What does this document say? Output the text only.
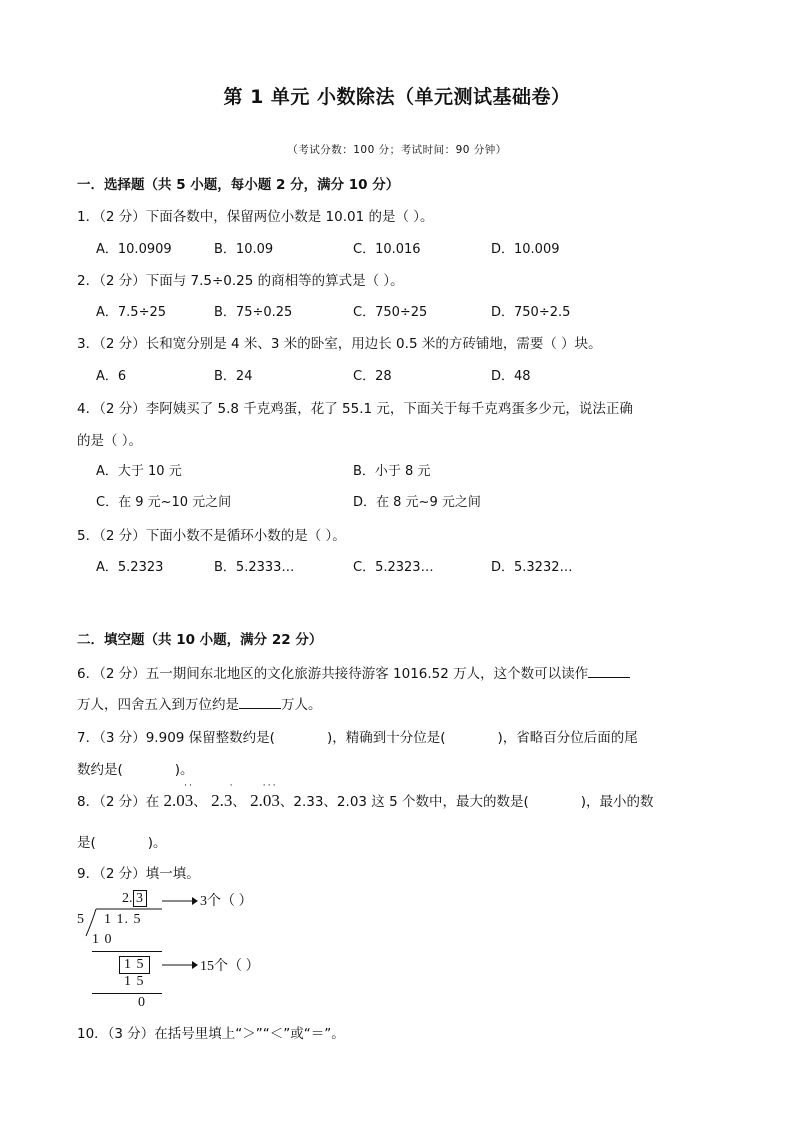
第 1 单元 小数除法（单元测试基础卷）
（考试分数：100 分；考试时间：90 分钟）
一．选择题（共 5 小题，每小题 2 分，满分 10 分）
1．（2 分）下面各数中，保留两位小数是 10.01 的是（ ）。
A．10.0909	B．10.09	C．10.016	D．10.009
2．（2 分）下面与 7.5÷0.25 的商相等的算式是（ ）。
A．7.5÷25	B．75÷0.25	C．750÷25	D．750÷2.5
3．（2 分）长和宽分别是 4 米、3 米的卧室，用边长 0.5 米的方砖铺地，需要（ ）块。
A．6	B．24	C．28	D．48
4．（2 分）李阿姨买了 5.8 千克鸡蛋，花了 55.1 元，下面关于每千克鸡蛋多少元，说法正确
的是（ ）。
A．大于 10 元	B．小于 8 元
C．在 9 元~10 元之间	D．在 8 元~9 元之间
5．（2 分）下面小数不是循环小数的是（ ）。
A．5.2323	B．5.2333…	C．5.2323…	D．5.3232…
二．填空题（共 10 小题，满分 22 分）
6．（2 分）五一期间东北地区的文化旅游共接待游客 1016.52 万人，这个数可以读作
万人，四舍五入到万位约是	万人。
7．（3 分）9.909 保留整数约是(	)，精确到十分位是(	)，省略百分位后面的尾
数约是(	)。
8．（2 分）在 2.03
˙˙
、 2.3
˙
、 2.03
˙˙˙
、2.33、2.03 这 5 个数中，最大的数是(	)，最小的数
是(	)。
9．（2 分）填一填。
2. 3	3个（ ）
5 1 1. 5
1 0
1 5	15个（ ）
1 5
0
10．（3 分）在括号里填上“＞”“＜”或“＝”。
